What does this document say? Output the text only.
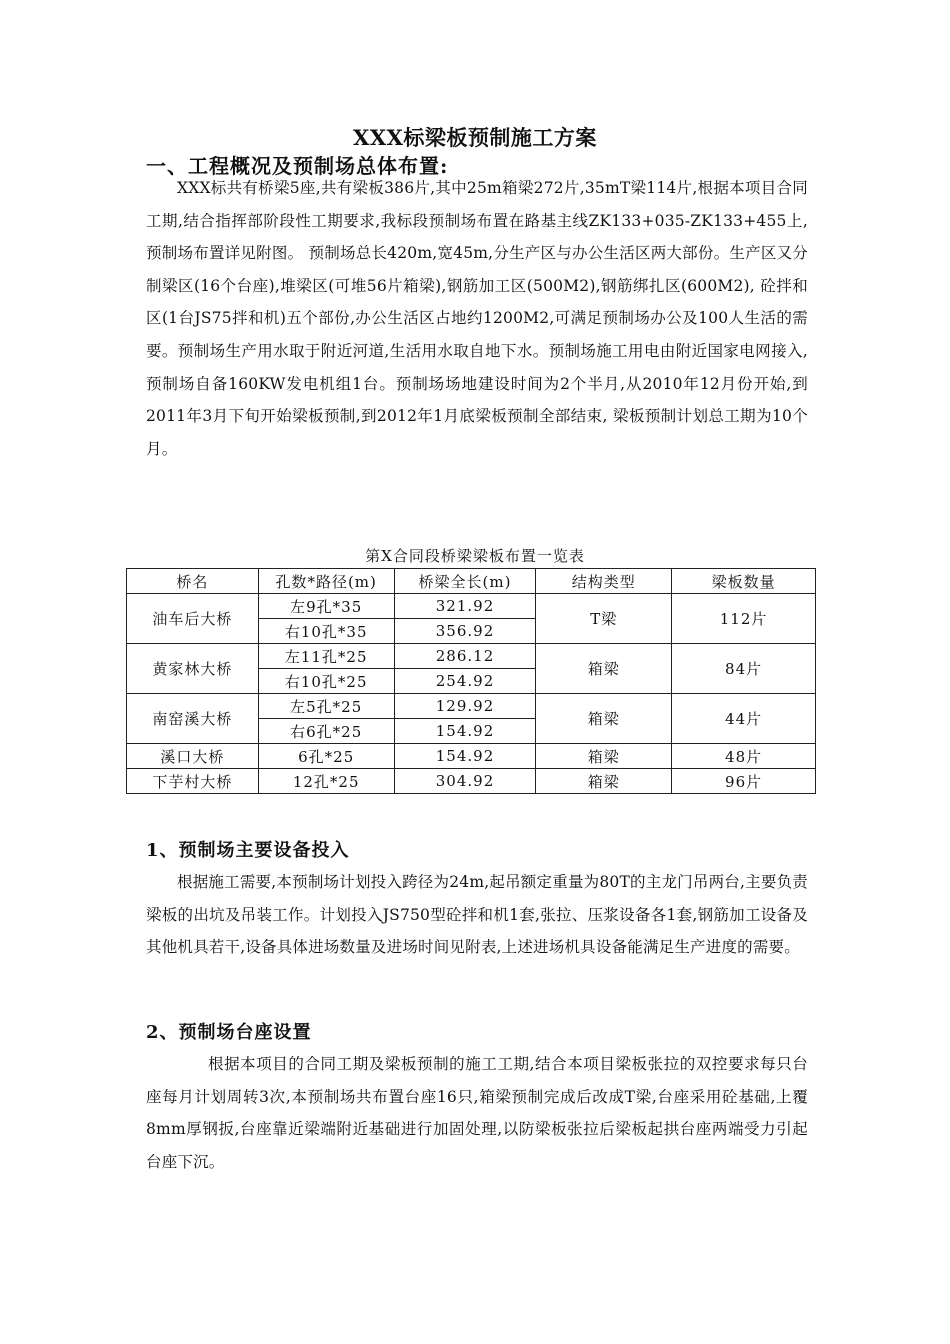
XXX标梁板预制施工方案
一、工程概况及预制场总体布置:

XXX标共有桥梁5座,共有梁板386片,其中25m箱梁272片,35mT梁114片,根据本项目合同工期,结合指挥部阶段性工期要求,我标段预制场布置在路基主线ZK133+035-ZK133+455上,预制场布置详见附图。 预制场总长420m,宽45m,分生产区与办公生活区两大部份。生产区又分制梁区(16个台座),堆梁区(可堆56片箱梁),钢筋加工区(500M2),钢筋绑扎区(600M2), 砼拌和区(1台JS75拌和机)五个部份,办公生活区占地约1200M2,可满足预制场办公及100人生活的需要。预制场生产用水取于附近河道,生活用水取自地下水。预制场施工用电由附近国家电网接入,预制场自备160KW发电机组1台。预制场场地建设时间为2个半月,从2010年12月份开始,到2011年3月下旬开始梁板预制,到2012年1月底梁板预制全部结束, 梁板预制计划总工期为10个月。

第X合同段桥梁梁板布置一览表
桥名	孔数*路径(m)	桥梁全长(m)	结构类型	梁板数量
油车后大桥	左9孔*35	321.92	T梁	112片
	右10孔*35	356.92		
黄家林大桥	左11孔*25	286.12	箱梁	84片
	右10孔*25	254.92		
南窑溪大桥	左5孔*25	129.92	箱梁	44片
	右6孔*25	154.92		
溪口大桥	6孔*25	154.92	箱梁	48片
下芋村大桥	12孔*25	304.92	箱梁	96片
1、预制场主要设备投入

根据施工需要,本预制场计划投入跨径为24m,起吊额定重量为80T的主龙门吊两台,主要负责梁板的出坑及吊装工作。计划投入JS750型砼拌和机1套,张拉、压浆设备各1套,钢筋加工设备及其他机具若干,设备具体进场数量及进场时间见附表,上述进场机具设备能满足生产进度的需要。

2、预制场台座设置

根据本项目的合同工期及梁板预制的施工工期,结合本项目梁板张拉的双控要求每只台座每月计划周转3次,本预制场共布置台座16只,箱梁预制完成后改成T梁,台座采用砼基础,上覆8mm厚钢扳,台座靠近梁端附近基础进行加固处理,以防梁板张拉后梁板起拱台座两端受力引起台座下沉。
